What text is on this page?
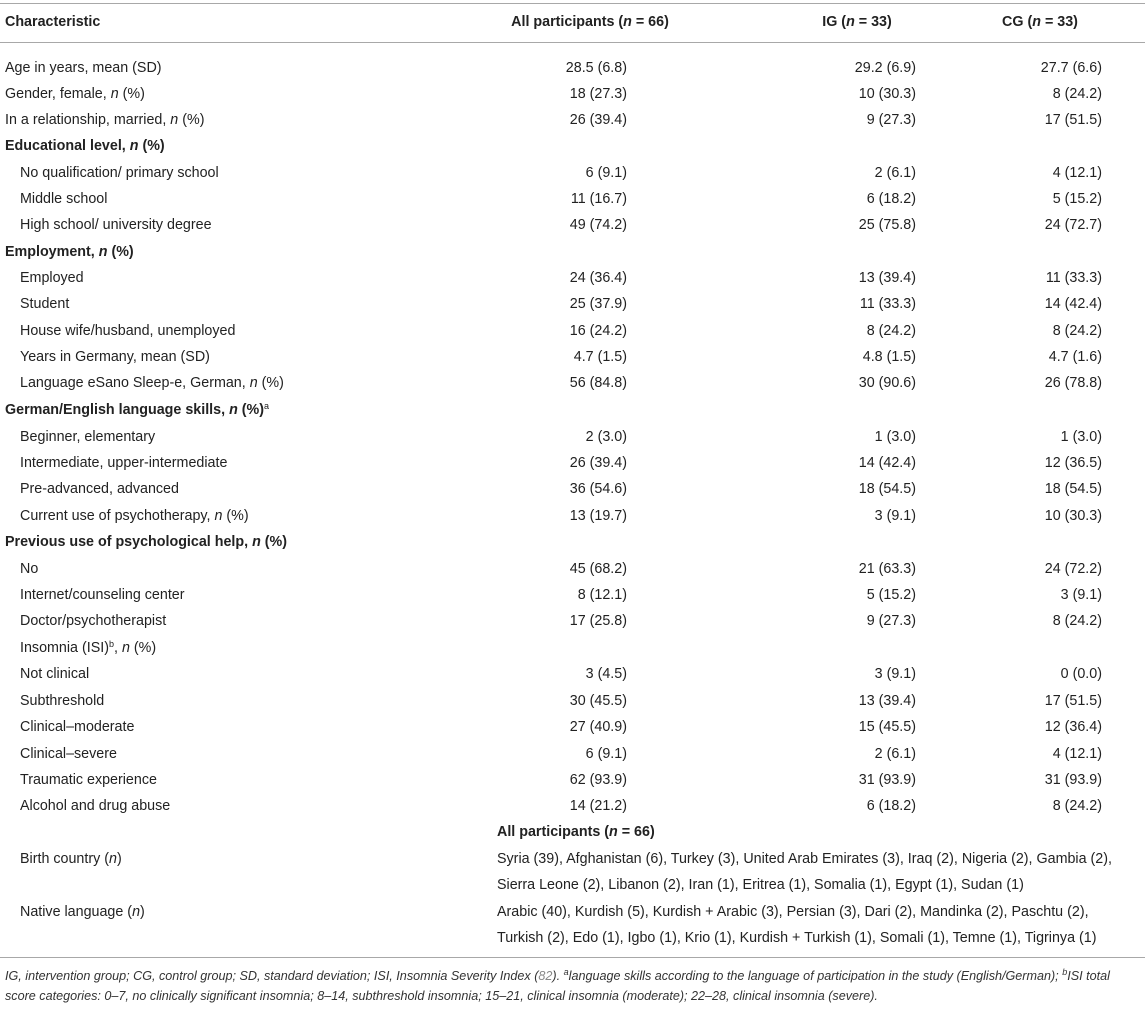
Characteristic	All participants (n = 66)	IG (n = 33)	CG (n = 33)
Age in years, mean (SD)	28.5 (6.8)	29.2 (6.9)	27.7 (6.6)
Gender, female, n (%)	18 (27.3)	10 (30.3)	8 (24.2)
In a relationship, married, n (%)	26 (39.4)	9 (27.3)	17 (51.5)
Educational level, n (%)
No qualification/ primary school	6 (9.1)	2 (6.1)	4 (12.1)
Middle school	11 (16.7)	6 (18.2)	5 (15.2)
High school/ university degree	49 (74.2)	25 (75.8)	24 (72.7)
Employment, n (%)
Employed	24 (36.4)	13 (39.4)	11 (33.3)
Student	25 (37.9)	11 (33.3)	14 (42.4)
House wife/husband, unemployed	16 (24.2)	8 (24.2)	8 (24.2)
Years in Germany, mean (SD)	4.7 (1.5)	4.8 (1.5)	4.7 (1.6)
Language eSano Sleep-e, German, n (%)	56 (84.8)	30 (90.6)	26 (78.8)
German/English language skills, n (%)$^a$
Beginner, elementary	2 (3.0)	1 (3.0)	1 (3.0)
Intermediate, upper-intermediate	26 (39.4)	14 (42.4)	12 (36.5)
Pre-advanced, advanced	36 (54.6)	18 (54.5)	18 (54.5)
Current use of psychotherapy, n (%)	13 (19.7)	3 (9.1)	10 (30.3)
Previous use of psychological help, n (%)
No	45 (68.2)	21 (63.3)	24 (72.2)
Internet/counseling center	8 (12.1)	5 (15.2)	3 (9.1)
Doctor/psychotherapist	17 (25.8)	9 (27.3)	8 (24.2)
Insomnia (ISI)$^b$, n (%)
Not clinical	3 (4.5)	3 (9.1)	0 (0.0)
Subthreshold	30 (45.5)	13 (39.4)	17 (51.5)
Clinical–moderate	27 (40.9)	15 (45.5)	12 (36.4)
Clinical–severe	6 (9.1)	2 (6.1)	4 (12.1)
Traumatic experience	62 (93.9)	31 (93.9)	31 (93.9)
Alcohol and drug abuse	14 (21.2)	6 (18.2)	8 (24.2)
All participants (n = 66)
Birth country (n)	Syria (39), Afghanistan (6), Turkey (3), United Arab Emirates (3), Iraq (2), Nigeria (2), Gambia (2),
Sierra Leone (2), Libanon (2), Iran (1), Eritrea (1), Somalia (1), Egypt (1), Sudan (1)
Native language (n)	Arabic (40), Kurdish (5), Kurdish + Arabic (3), Persian (3), Dari (2), Mandinka (2), Paschtu (2),
Turkish (2), Edo (1), Igbo (1), Krio (1), Kurdish + Turkish (1), Somali (1), Temne (1), Tigrinya (1)
IG, intervention group; CG, control group; SD, standard deviation; ISI, Insomnia Severity Index (82). $^a$language skills according to the language of participation in the study (English/German); $^b$ISI total score categories: 0–7, no clinically significant insomnia; 8–14, subthreshold insomnia; 15–21, clinical insomnia (moderate); 22–28, clinical insomnia (severe).
